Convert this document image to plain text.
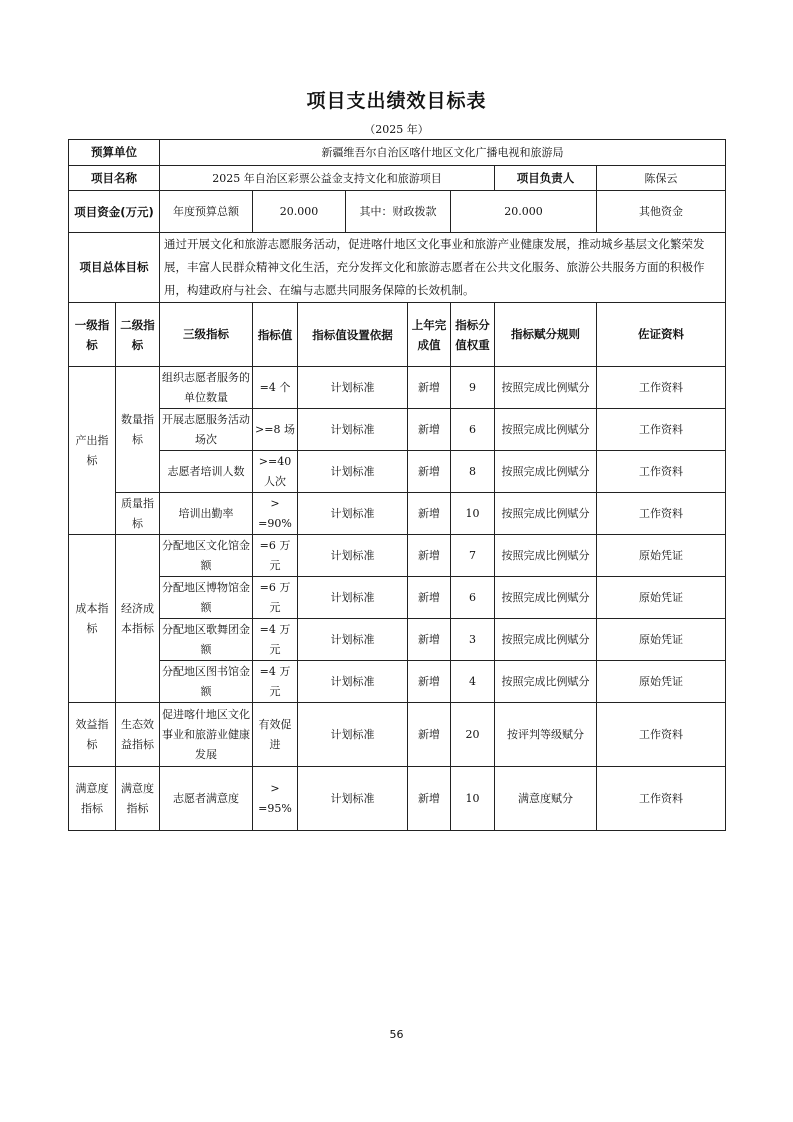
项目支出绩效目标表
（2025 年）
预算单位		新疆维吾尔自治区喀什地区文化广播电视和旅游局								
项目名称		2025 年自治区彩票公益金支持文化和旅游项目						项目负责人	陈保云	
项目资金(万元)		年度预算总额	20.000		其中：财政拨款		20.000		其他资金	
项目总体目标		通过开展文化和旅游志愿服务活动，促进喀什地区文化事业和旅游产业健康发展，推动城乡基层文化繁荣发展，丰富人民群众精神文化生活，充分发挥文化和旅游志愿者在公共文化服务、旅游公共服务方面的积极作用，构建政府与社会、在编与志愿共同服务保障的长效机制。								
一级指标	二级指标	三级指标	指标值	指标值设置依据		上年完成值	指标分值权重	指标赋分规则	佐证资料	
产出指标	数量指标	组织志愿者服务的单位数量	=4 个	计划标准		新增	9	按照完成比例赋分	工作资料	
		开展志愿服务活动场次	>=8 场	计划标准		新增	6	按照完成比例赋分	工作资料	
		志愿者培训人数	>=40 人次	计划标准		新增	8	按照完成比例赋分	工作资料	
	质量指标	培训出勤率	> =90%	计划标准		新增	10	按照完成比例赋分	工作资料	
成本指标	经济成本指标	分配地区文化馆金额	=6 万元	计划标准		新增	7	按照完成比例赋分	原始凭证	
		分配地区博物馆金额	=6 万元	计划标准		新增	6	按照完成比例赋分	原始凭证	
		分配地区歌舞团金额	=4 万元	计划标准		新增	3	按照完成比例赋分	原始凭证	
		分配地区图书馆金额	=4 万元	计划标准		新增	4	按照完成比例赋分	原始凭证	
效益指标	生态效益指标	促进喀什地区文化事业和旅游业健康发展	有效促进	计划标准		新增	20	按评判等级赋分	工作资料	
满意度指标	满意度指标	志愿者满意度	> =95%	计划标准		新增	10	满意度赋分	工作资料	
56
